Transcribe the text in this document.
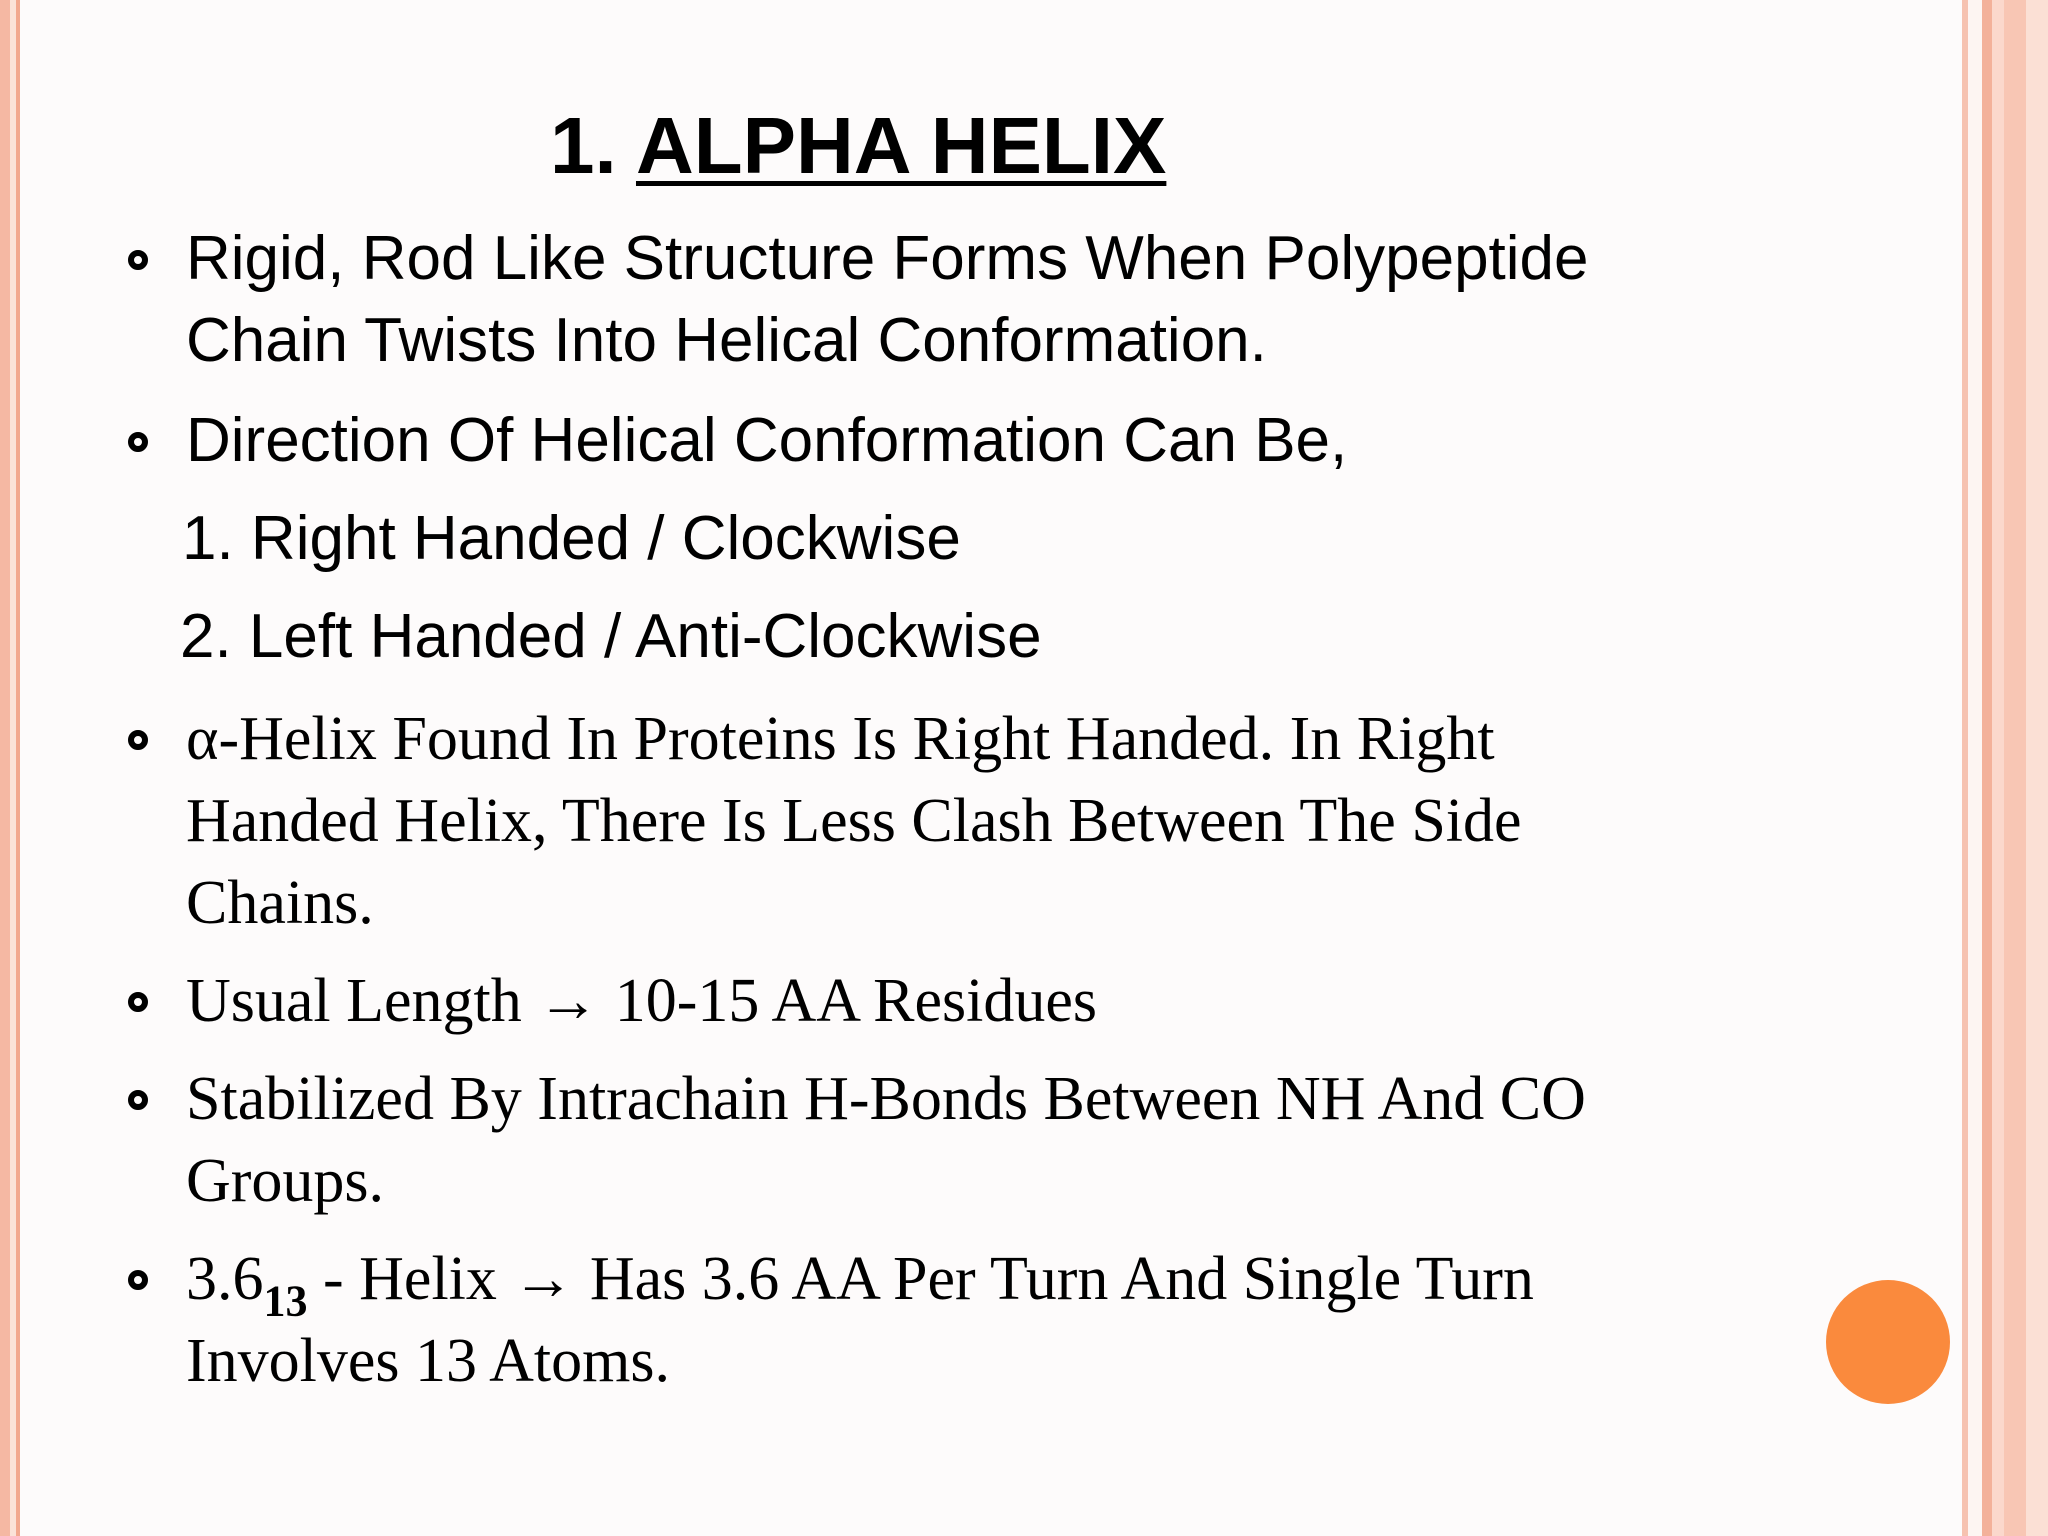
1. ALPHA HELIX
Rigid, Rod Like Structure Forms When Polypeptide
Chain Twists Into Helical Conformation.
Direction Of Helical Conformation Can Be,
1. Right Handed / Clockwise
2. Left Handed / Anti-Clockwise
α-Helix Found In Proteins Is Right Handed. In Right
Handed Helix, There Is Less Clash Between The Side
Chains.
Usual Length → 10-15 AA Residues
Stabilized By Intrachain H-Bonds Between NH And CO
Groups.
$3.6_{13}$ - Helix → Has 3.6 AA Per Turn And Single Turn
Involves 13 Atoms.
